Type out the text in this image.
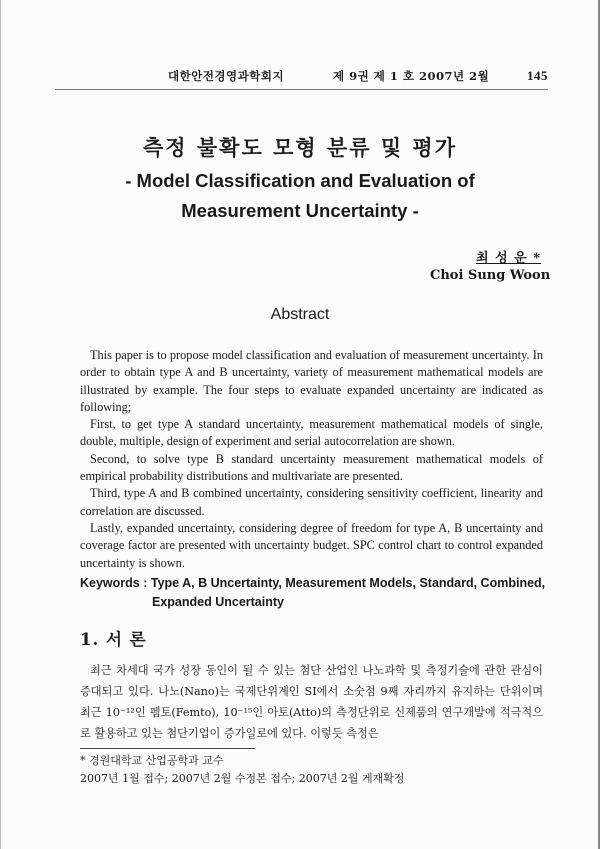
대한안전경영과학회지	제 9권 제 1 호 2007년 2월	145
측정 불확도 모형 분류 및 평가
- Model Classification and Evaluation of
Measurement Uncertainty -
최 성 운 *
Choi Sung Woon
Abstract

This paper is to propose model classification and evaluation of measurement uncertainty. In order to obtain type A and B uncertainty, variety of measurement mathematical models are illustrated by example. The four steps to evaluate expanded uncertainty are indicated as following;

First, to get type A standard uncertainty, measurement mathematical models of single, double, multiple, design of experiment and serial autocorrelation are shown.

Second, to solve type B standard uncertainty measurement mathematical models of empirical probability distributions and multivariate are presented.

Third, type A and B combined uncertainty, considering sensitivity coefficient, linearity and correlation are discussed.

Lastly, expanded uncertainty, considering degree of freedom for type A, B uncertainty and coverage factor are presented with uncertainty budget. SPC control chart to control expanded uncertainty is shown.

Keywords : Type A, B Uncertainty, Measurement Models, Standard, Combined,
Expanded Uncertainty
1. 서 론

최근 차세대 국가 성장 동인이 될 수 있는 첨단 산업인 나노과학 및 측정기술에 관한 관심이 증대되고 있다. 나노(Nano)는 국제단위계인 SI에서 소숫점 9째 자리까지 유지하는 단위이며 최근 10⁻¹²인 펨토(Femto), 10⁻¹⁵인 아토(Atto)의 측정단위로 신제품의 연구개발에 적극적으로 활용하고 있는 첨단기업이 증가일로에 있다. 이렇듯 측정은

* 경원대학교 산업공학과 교수
2007년 1월 접수; 2007년 2월 수정본 접수; 2007년 2월 게재확정
